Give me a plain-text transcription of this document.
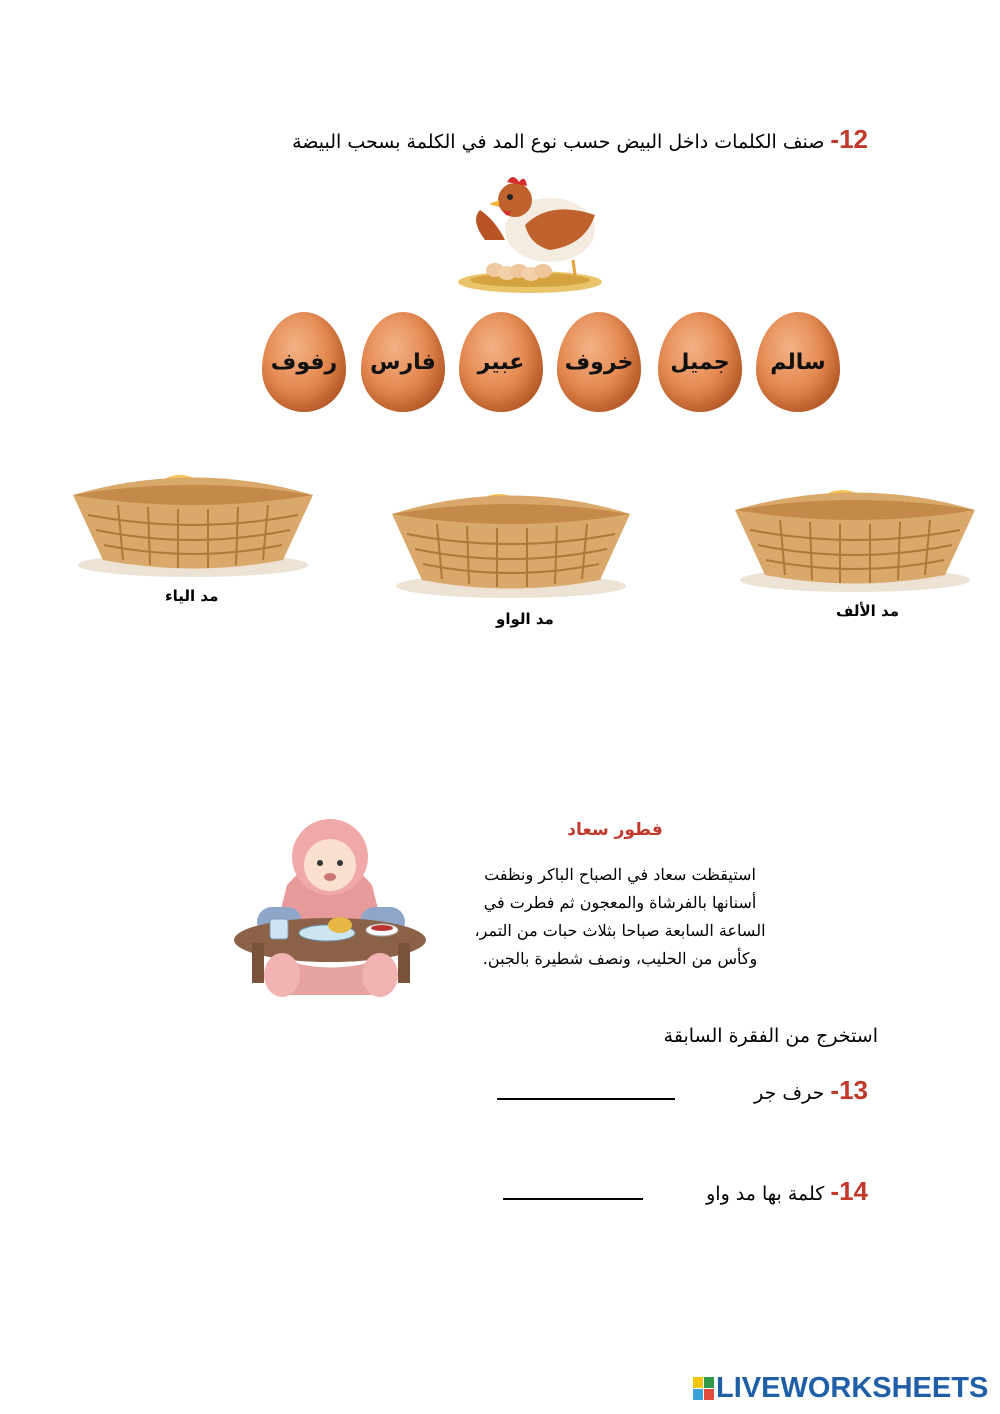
12- صنف الكلمات داخل البيض حسب نوع المد في الكلمة بسحب البيضة
سالم
جميل
خروف
عبير
فارس
رفوف
مد الألف
مد الواو
مد الياء
فطور سعاد
استيقظت سعاد في الصباح الباكر ونظفت
أسنانها بالفرشاة والمعجون ثم فطرت في
الساعة السابعة صباحا بثلاث حبات من التمر،
وكأس من الحليب، ونصف شطيرة بالجبن.
استخرج من الفقرة السابقة
13- حرف جر
14- كلمة بها مد واو
LIVEWORKSHEETS
